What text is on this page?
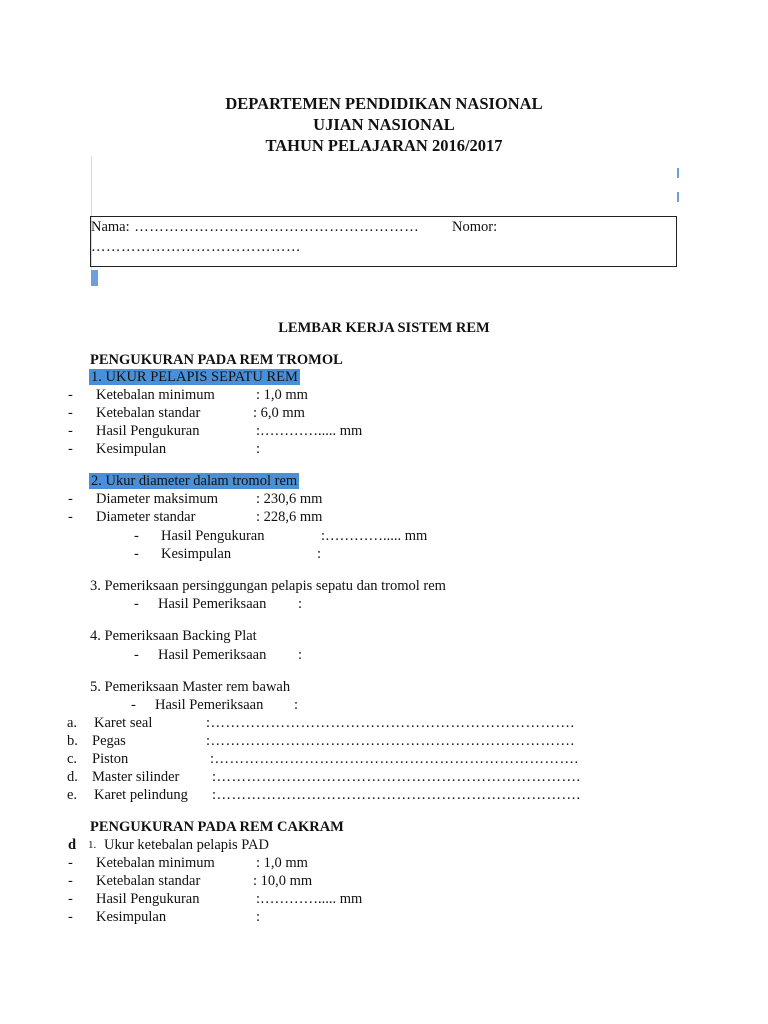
DEPARTEMEN PENDIDIKAN NASIONAL
UJIAN NASIONAL
TAHUN PELAJARAN 2016/2017
Nama: ………………………………………………… Nomor:
……………………………………
LEMBAR KERJA SISTEM REM
PENGUKURAN PADA REM TROMOL
1. UKUR PELAPIS SEPATU REM
- Ketebalan minimum	: 1,0 mm
- Ketebalan standar	: 6,0 mm
- Hasil Pengukuran	:…………..... mm
- Kesimpulan	:
2. Ukur diameter dalam tromol rem
- Diameter maksimum	: 230,6 mm
- Diameter standar	: 228,6 mm
- Hasil Pengukuran	:…………..... mm
- Kesimpulan	:
3. Pemeriksaan persinggungan pelapis sepatu dan tromol rem
- Hasil Pemeriksaan :
4. Pemeriksaan Backing Plat
- Hasil Pemeriksaan :
5. Pemeriksaan Master rem bawah
- Hasil Pemeriksaan :
a. Karet seal	:……………………………………………………………….
b. Pegas	:……………………………………………………………….
c. Piston	:……………………………………………………………….
d. Master silinder :……………………………………………………………….
e. Karet pelindung :……………………………………………………………….
PENGUKURAN PADA REM CAKRAM
d 1. Ukur ketebalan pelapis PAD
- Ketebalan minimum	: 1,0 mm
- Ketebalan standar	: 10,0 mm
- Hasil Pengukuran	:…………..... mm
- Kesimpulan	:
